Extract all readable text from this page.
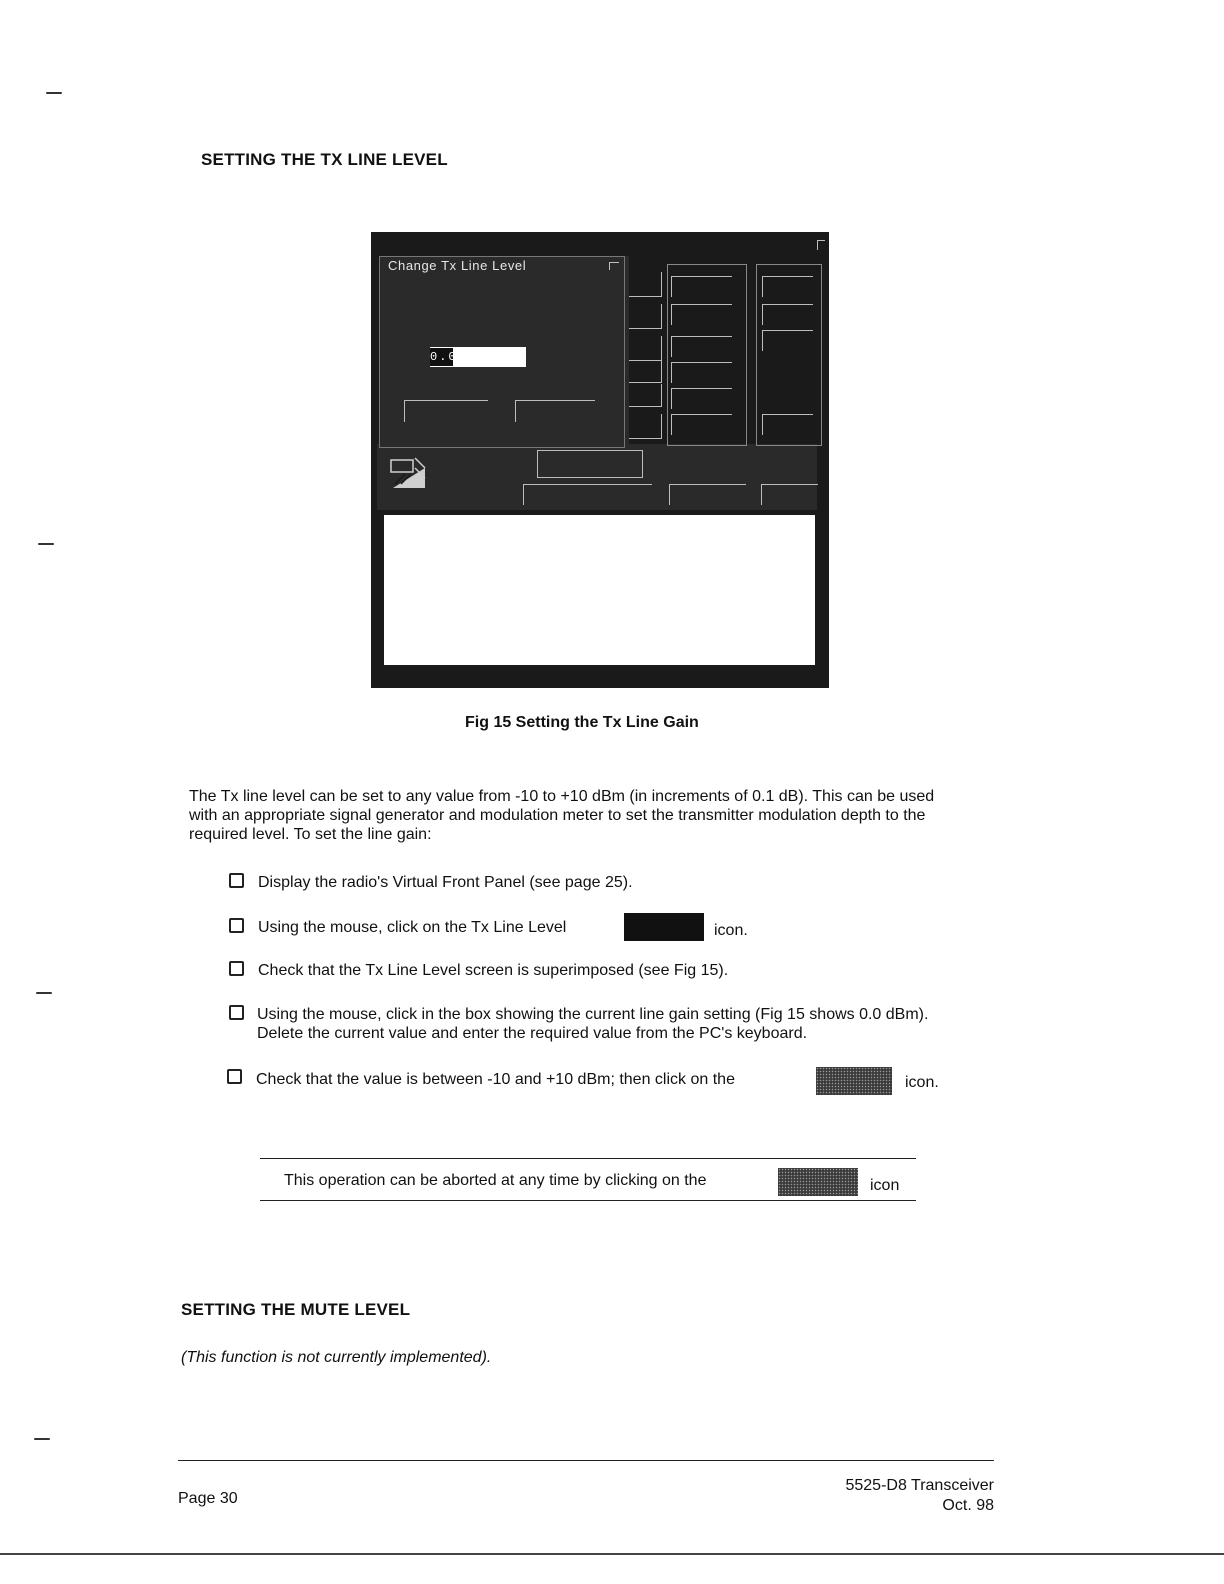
SETTING THE TX LINE LEVEL
Change Tx Line Level
0.0
Fig 15 Setting the Tx Line Gain
The Tx line level can be set to any value from -10 to +10 dBm (in increments of 0.1 dB). This can be used
with an appropriate signal generator and modulation meter to set the transmitter modulation depth to the
required level. To set the line gain:
Display the radio's Virtual Front Panel (see page 25).
Using the mouse, click on the Tx Line Level	icon.
Check that the Tx Line Level screen is superimposed (see Fig 15).
Using the mouse, click in the box showing the current line gain setting (Fig 15 shows 0.0 dBm).
Delete the current value and enter the required value from the PC's keyboard.
Check that the value is between -10 and +10 dBm; then click on the	icon.
This operation can be aborted at any time by clicking on the	icon
SETTING THE MUTE LEVEL
(This function is not currently implemented).
Page 30
5525-D8 Transceiver
Oct. 98
